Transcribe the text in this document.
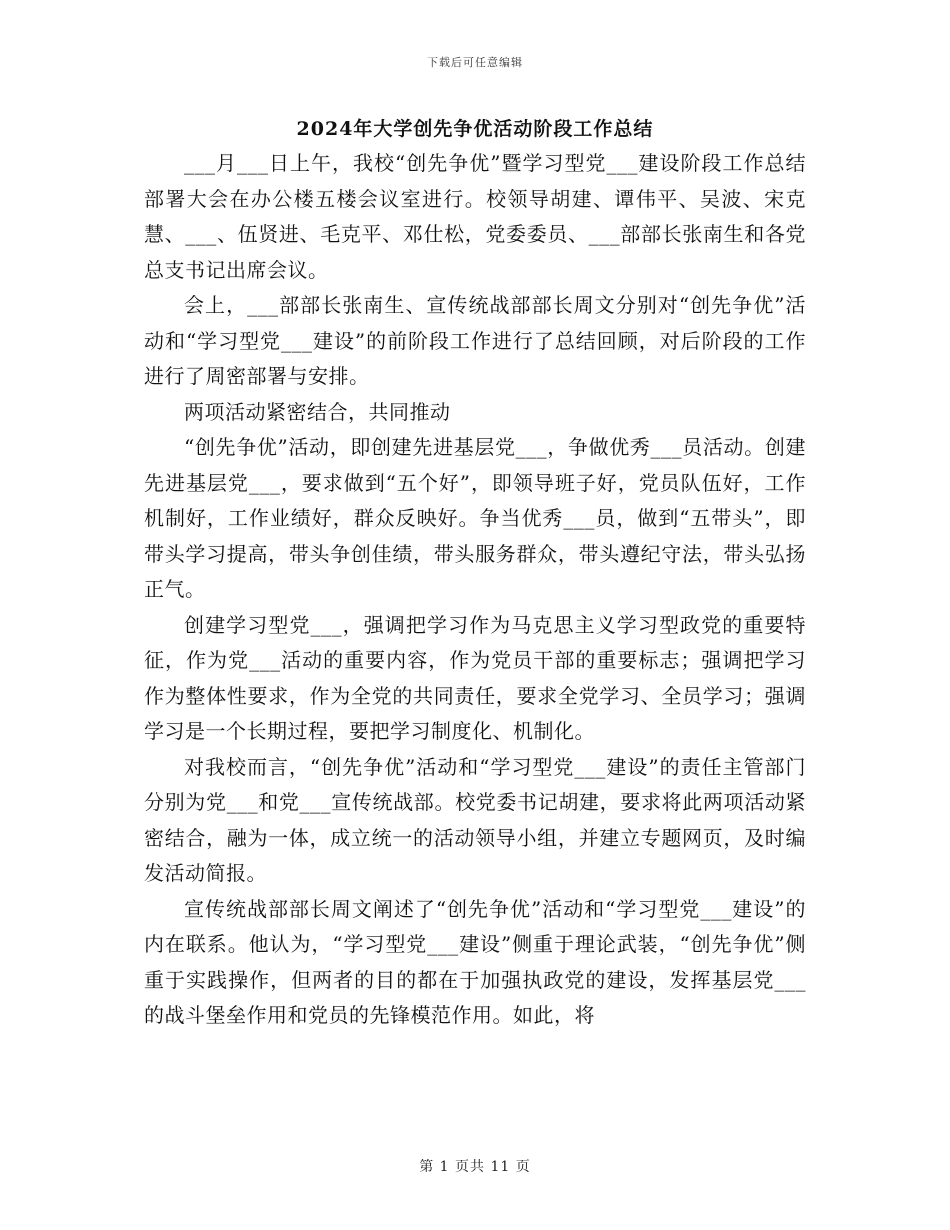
下载后可任意编辑
2024年大学创先争优活动阶段工作总结

___月___日上午，我校“创先争优”暨学习型党___建设阶段工作总结部署大会在办公楼五楼会议室进行。校领导胡建、谭伟平、吴波、宋克慧、___、伍贤进、毛克平、邓仕松，党委委员、___部部长张南生和各党总支书记出席会议。

会上，___部部长张南生、宣传统战部部长周文分别对“创先争优”活动和“学习型党___建设”的前阶段工作进行了总结回顾，对后阶段的工作进行了周密部署与安排。

两项活动紧密结合，共同推动

“创先争优”活动，即创建先进基层党___，争做优秀___员活动。创建先进基层党___，要求做到“五个好”，即领导班子好，党员队伍好，工作机制好，工作业绩好，群众反映好。争当优秀___员，做到“五带头”，即带头学习提高，带头争创佳绩，带头服务群众，带头遵纪守法，带头弘扬正气。

创建学习型党___，强调把学习作为马克思主义学习型政党的重要特征，作为党___活动的重要内容，作为党员干部的重要标志；强调把学习作为整体性要求，作为全党的共同责任，要求全党学习、全员学习；强调学习是一个长期过程，要把学习制度化、机制化。

对我校而言，“创先争优”活动和“学习型党___建设”的责任主管部门分别为党___和党___宣传统战部。校党委书记胡建，要求将此两项活动紧密结合，融为一体，成立统一的活动领导小组，并建立专题网页，及时编发活动简报。

宣传统战部部长周文阐述了“创先争优”活动和“学习型党___建设”的内在联系。他认为，“学习型党___建设”侧重于理论武装，“创先争优”侧重于实践操作，但两者的目的都在于加强执政党的建设，发挥基层党___的战斗堡垒作用和党员的先锋模范作用。如此，将

第 1 页共 11 页
